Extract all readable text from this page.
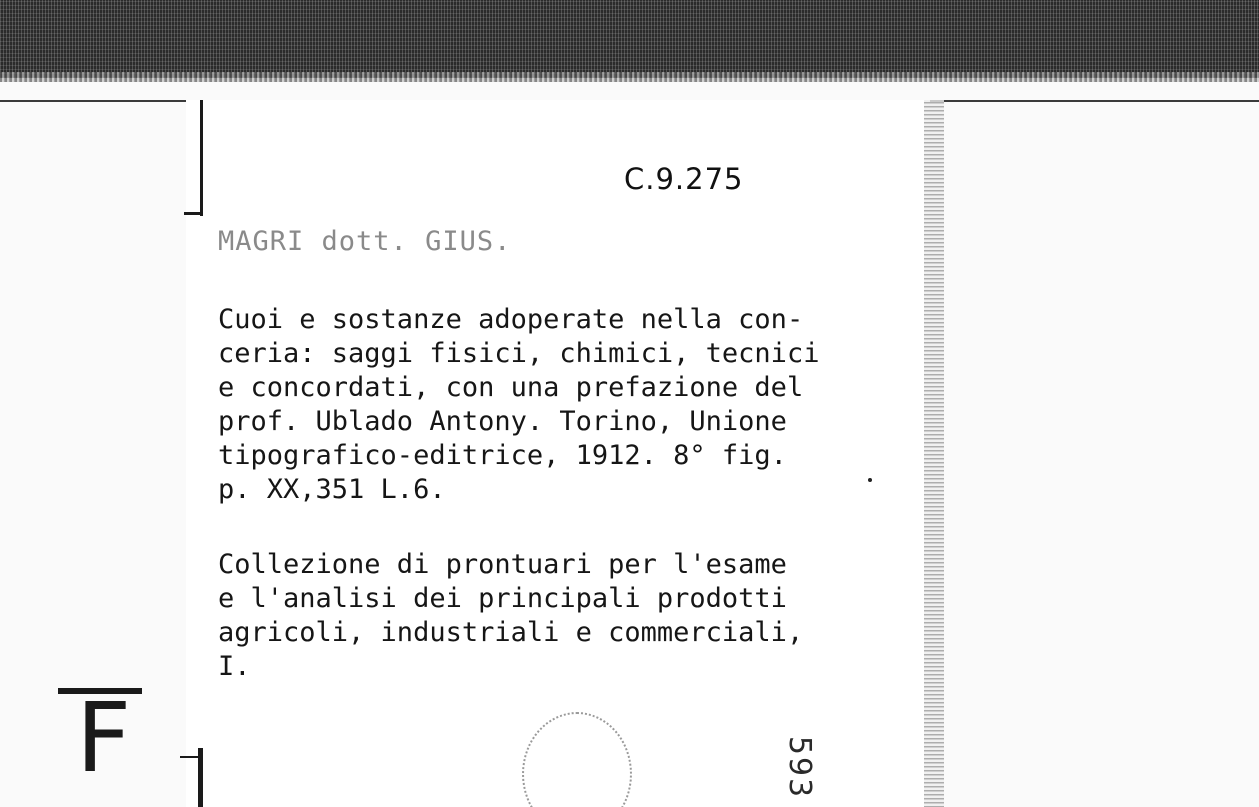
C.9.275
MAGRI dott. GIUS.
Cuoi e sostanze adoperate nella con-
ceria: saggi fisici, chimici, tecnici
e concordati, con una prefazione del
prof. Ublado Antony. Torino, Unione
tipografico-editrice, 1912. 8° fig.
p. XX,351 L.6.
Collezione di prontuari per l'esame
e l'analisi dei principali prodotti
agricoli, industriali e commerciali,
I.
F	593
